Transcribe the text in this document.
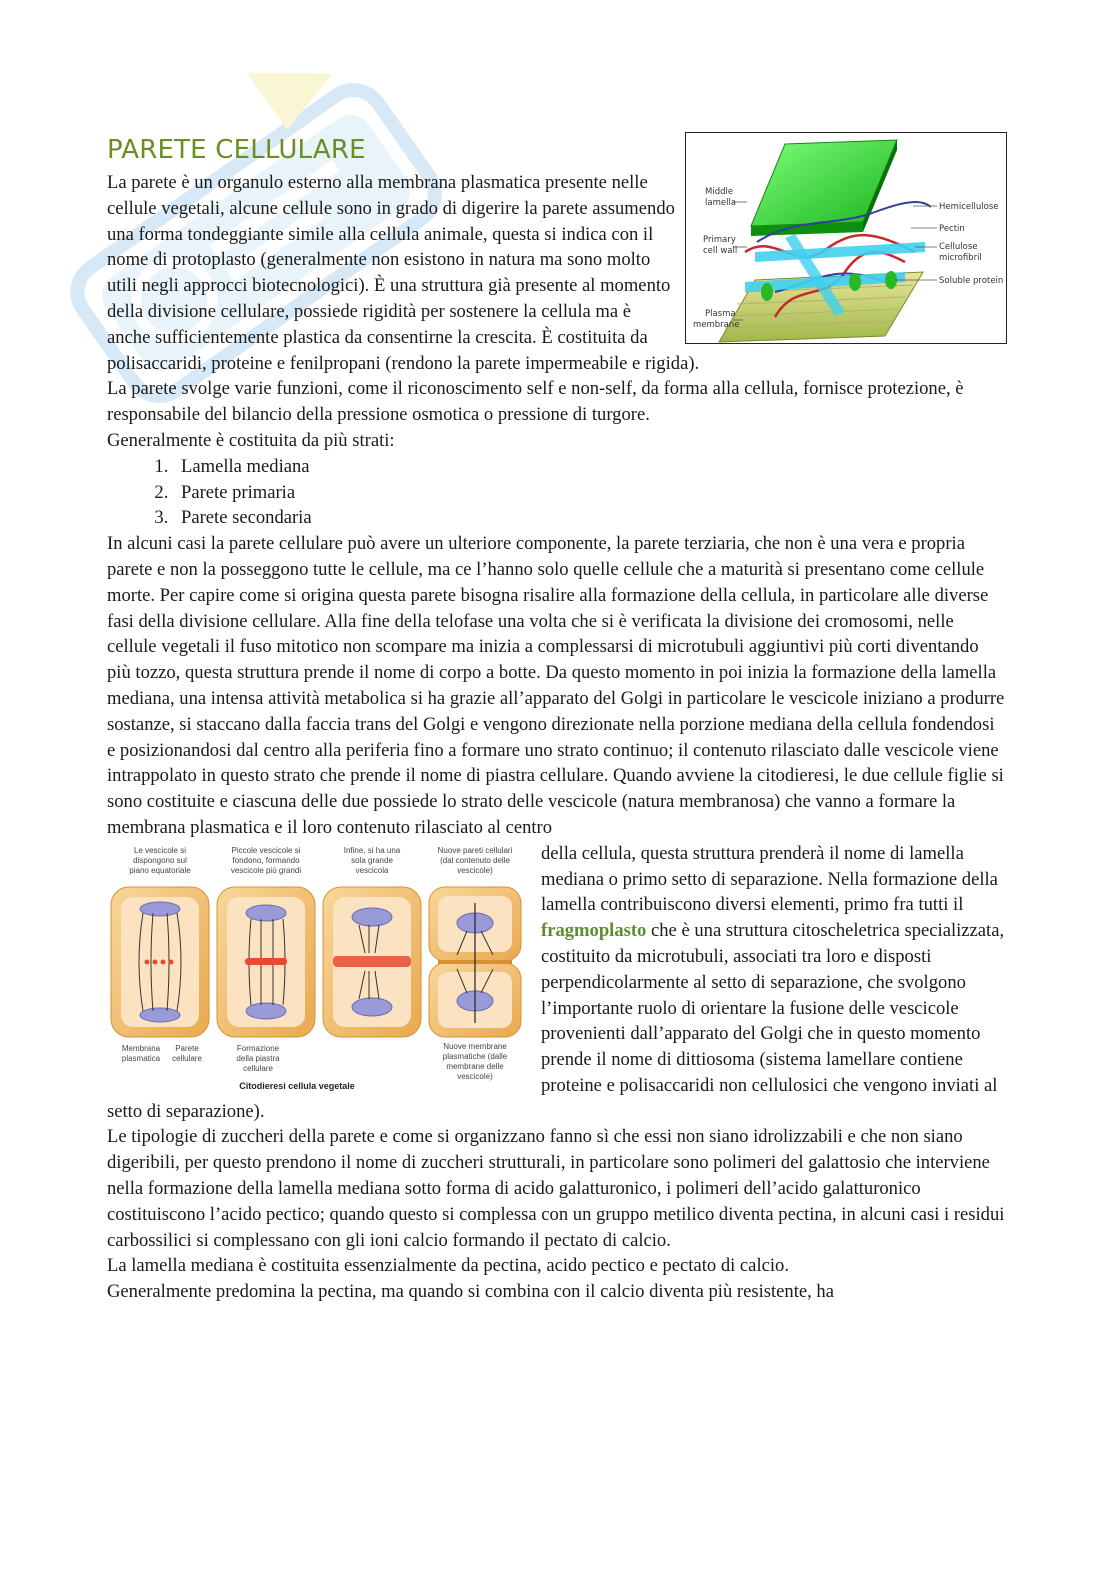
PARETE CELLULARE
Middle
lamella
Primary
cell wall
Plasma
membrane
Hemicellulose
Pectin
Cellulose
microfibril
Soluble protein

La parete è un organulo esterno alla membrana plasmatica presente nelle cellule vegetali, alcune cellule sono in grado di digerire la parete assumendo una forma tondeggiante simile alla cellula animale, questa si indica con il nome di protoplasto (generalmente non esistono in natura ma sono molto utili negli approcci biotecnologici). È una struttura già presente al momento della divisione cellulare, possiede rigidità per sostenere la cellula ma è anche sufficientemente plastica da consentirne la crescita. È costituita da polisaccaridi, proteine e fenilpropani (rendono la parete impermeabile e rigida).

La parete svolge varie funzioni, come il riconoscimento self e non-self, da forma alla cellula, fornisce protezione, è responsabile del bilancio della pressione osmotica o pressione di turgore.

Generalmente è costituita da più strati:

1. Lamella mediana
2. Parete primaria
3. Parete secondaria

In alcuni casi la parete cellulare può avere un ulteriore componente, la parete terziaria, che non è una vera e propria parete e non la posseggono tutte le cellule, ma ce l’hanno solo quelle cellule che a maturità si presentano come cellule morte. Per capire come si origina questa parete bisogna risalire alla formazione della cellula, in particolare alle diverse fasi della divisione cellulare. Alla fine della telofase una volta che si è verificata la divisione dei cromosomi, nelle cellule vegetali il fuso mitotico non scompare ma inizia a complessarsi di microtubuli aggiuntivi più corti diventando più tozzo, questa struttura prende il nome di corpo a botte. Da questo momento in poi inizia la formazione della lamella mediana, una intensa attività metabolica si ha grazie all’apparato del Golgi in particolare le vescicole iniziano a produrre sostanze, si staccano dalla faccia trans del Golgi e vengono direzionate nella porzione mediana della cellula fondendosi e posizionandosi dal centro alla periferia fino a formare uno strato continuo; il contenuto rilasciato dalle vescicole viene intrappolato in questo strato che prende il nome di piastra cellulare. Quando avviene la citodieresi, le due cellule figlie si sono costituite e ciascuna delle due possiede lo strato delle vescicole (natura membranosa) che vanno a formare la membrana plasmatica e il loro contenuto rilasciato al centro

Le vescicole si
dispongono sul
piano equatoriale
Piccole vescicole si
fondono, formando
vescicole più grandi
Infine, si ha una
sola grande
vescicola
Nuove pareti cellulari
(dal contenuto delle
vescicole)
Membrana
plasmatica
Parete
cellulare
Formazione
della piastra
cellulare
Nuove membrane
plasmatiche (dalle
membrane delle
vescicole)
Citodieresi cellula vegetale

della cellula, questa struttura prenderà il nome di lamella mediana o primo setto di separazione. Nella formazione della lamella contribuiscono diversi elementi, primo fra tutti il fragmoplasto che è una struttura citoscheletrica specializzata, costituito da microtubuli, associati tra loro e disposti perpendicolarmente al setto di separazione, che svolgono l’importante ruolo di orientare la fusione delle vescicole provenienti dall’apparato del Golgi che in questo momento prende il nome di dittiosoma (sistema lamellare contiene proteine e polisaccaridi non cellulosici che vengono inviati al setto di separazione).

Le tipologie di zuccheri della parete e come si organizzano fanno sì che essi non siano idrolizzabili e che non siano digeribili, per questo prendono il nome di zuccheri strutturali, in particolare sono polimeri del galattosio che interviene nella formazione della lamella mediana sotto forma di acido galatturonico, i polimeri dell’acido galatturonico costituiscono l’acido pectico; quando questo si complessa con un gruppo metilico diventa pectina, in alcuni casi i residui carbossilici si complessano con gli ioni calcio formando il pectato di calcio.

La lamella mediana è costituita essenzialmente da pectina, acido pectico e pectato di calcio.

Generalmente predomina la pectina, ma quando si combina con il calcio diventa più resistente, ha
